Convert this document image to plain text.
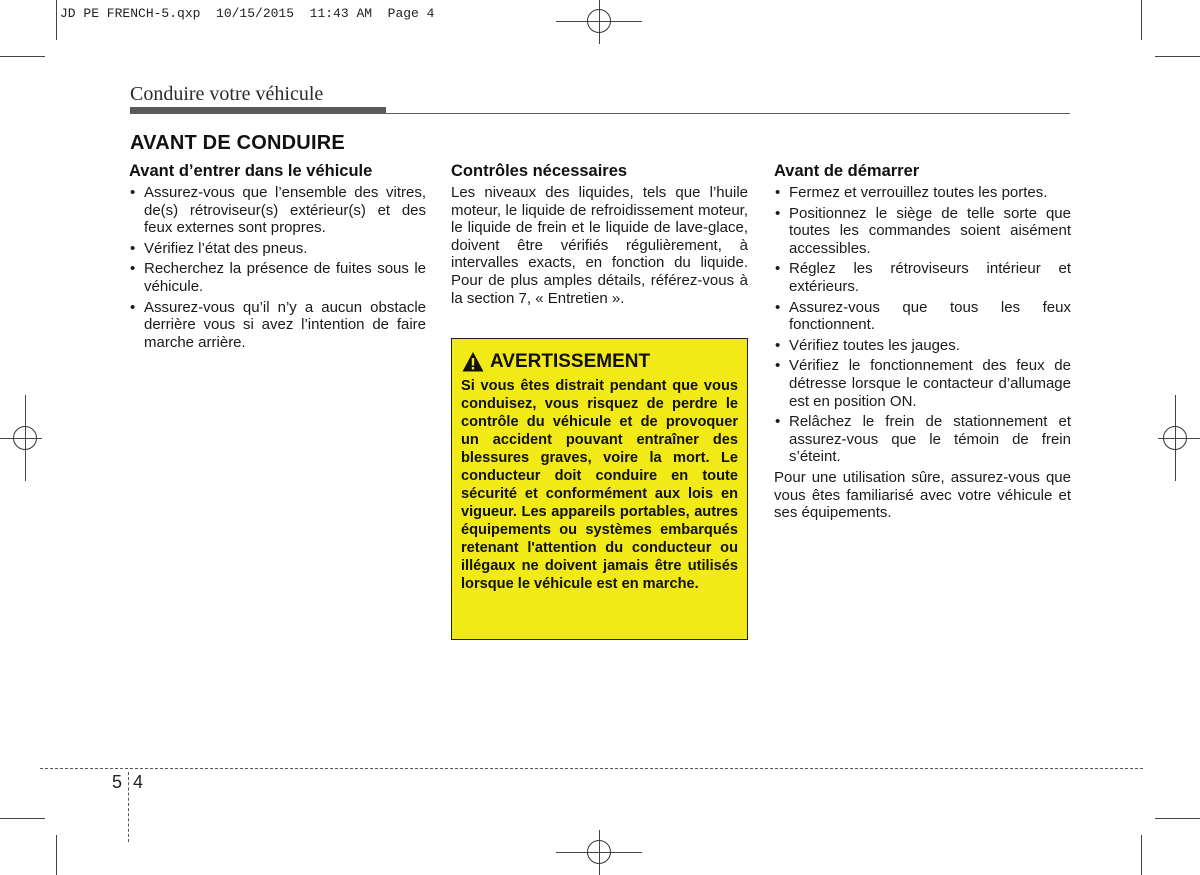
JD PE FRENCH-5.qxp  10/15/2015  11:43 AM  Page 4
Conduire votre véhicule
AVANT DE CONDUIRE
Avant d’entrer dans le véhicule
• Assurez-vous que l’ensemble des vitres, de(s) rétroviseur(s) extérieur(s) et des feux externes sont propres.
• Vérifiez l’état des pneus.
• Recherchez la présence de fuites sous le véhicule.
• Assurez-vous qu’il n’y a aucun obstacle derrière vous si avez l’intention de faire marche arrière.
Contrôles nécessaires

Les niveaux des liquides, tels que l’huile moteur, le liquide de refroidissement moteur, le liquide de frein et le liquide de lave-glace, doivent être vérifiés régulièrement, à intervalles exacts, en fonction du liquide. Pour de plus amples détails, référez-vous à la section 7, « Entretien ».

AVERTISSEMENT
Si vous êtes distrait pendant que vous conduisez, vous risquez de perdre le contrôle du véhicule et de provoquer un accident pouvant entraîner des blessures graves, voire la mort. Le conducteur doit conduire en toute sécurité et conformément aux lois en vigueur. Les appareils portables, autres équipements ou systèmes embarqués retenant l'attention du conducteur ou illégaux ne doivent jamais être utilisés lorsque le véhicule est en marche.
Avant de démarrer
• Fermez et verrouillez toutes les portes.
• Positionnez le siège de telle sorte que toutes les commandes soient aisément accessibles.
• Réglez les rétroviseurs intérieur et extérieurs.
• Assurez-vous que tous les feux fonctionnent.
• Vérifiez toutes les jauges.
• Vérifiez le fonctionnement des feux de détresse lorsque le contacteur d’allumage est en position ON.
• Relâchez le frein de stationnement et assurez-vous que le témoin de frein s’éteint.

Pour une utilisation sûre, assurez-vous que vous êtes familiarisé avec votre véhicule et ses équipements.

5 4
